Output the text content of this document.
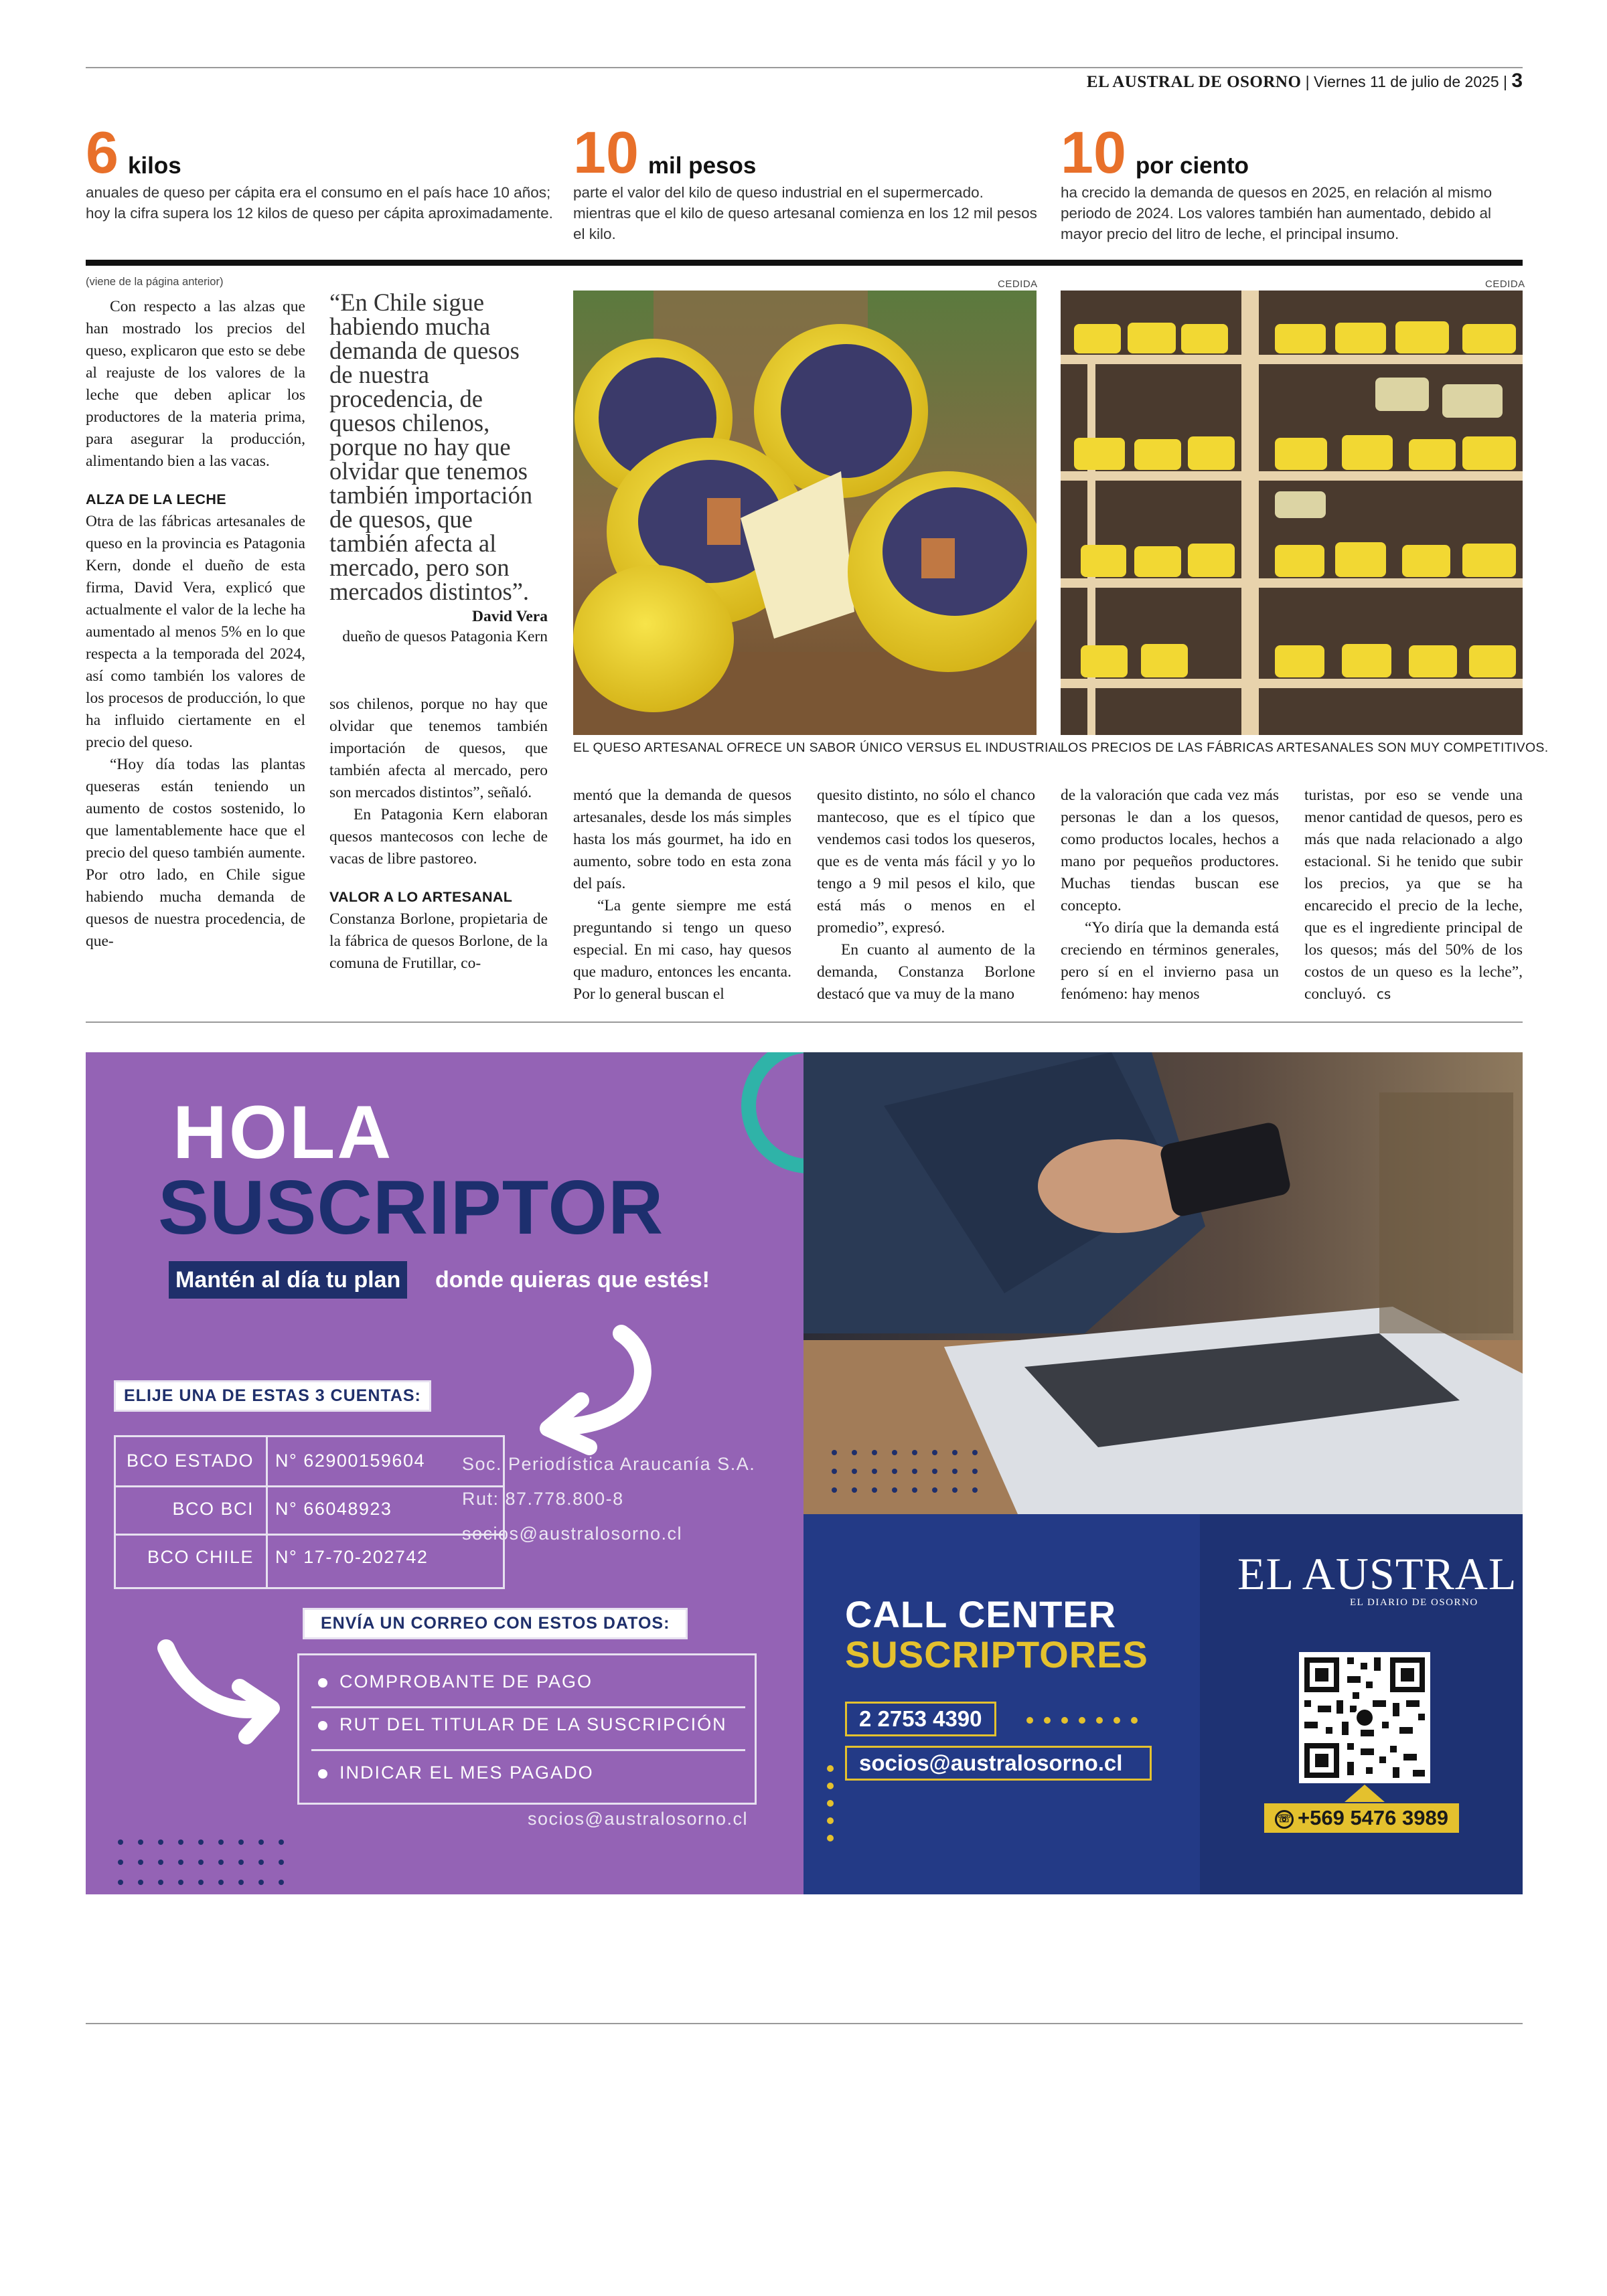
EL AUSTRAL DE OSORNO | Viernes 11 de julio de 2025 | 3
6 kilos
anuales de queso per cápita era el consumo en el país hace 10 años; hoy la cifra supera los 12 kilos de queso per cápita aproximadamente.
10 mil pesos
parte el valor del kilo de queso industrial en el supermercado. mientras que el kilo de queso artesanal comienza en los 12 mil pesos el kilo.
10 por ciento
ha crecido la demanda de quesos en 2025, en relación al mismo periodo de 2024. Los valores también han aumentado, debido al mayor precio del litro de leche, el principal insumo.

(viene de la página anterior)

Con respecto a las alzas que han mostrado los precios del queso, explicaron que esto se debe al reajuste de los valores de la leche que deben aplicar los productores de la materia prima, para asegurar la producción, alimentando bien a las vacas.

ALZA DE LA LECHE

Otra de las fábricas artesanales de queso en la provincia es Patagonia Kern, donde el dueño de esta firma, David Vera, explicó que actualmente el valor de la leche ha aumentado al menos 5% en lo que respecta a la temporada del 2024, así como también los valores de los procesos de producción, lo que ha influido ciertamente en el precio del queso.

“Hoy día todas las plantas queseras están teniendo un aumento de costos sostenido, lo que lamentablemente hace que el precio del queso también aumente. Por otro lado, en Chile sigue habiendo mucha demanda de quesos de nuestra procedencia, de que-

“En Chile sigue habiendo mucha demanda de quesos de nuestra procedencia, de quesos chilenos, porque no hay que olvidar que tenemos también importación de quesos, que también afecta al mercado, pero son mercados distintos”.
David Vera
dueño de quesos Patagonia Kern

sos chilenos, porque no hay que olvidar que tenemos también importación de quesos, que también afecta al mercado, pero son mercados distintos”, señaló.

En Patagonia Kern elaboran quesos mantecosos con leche de vacas de libre pastoreo.

VALOR A LO ARTESANAL

Constanza Borlone, propietaria de la fábrica de quesos Borlone, de la comuna de Frutillar, co-

CEDIDA
EL QUESO ARTESANAL OFRECE UN SABOR ÚNICO VERSUS EL INDUSTRIAL.
CEDIDA
LOS PRECIOS DE LAS FÁBRICAS ARTESANALES SON MUY COMPETITIVOS.

mentó que la demanda de quesos artesanales, desde los más simples hasta los más gourmet, ha ido en aumento, sobre todo en esta zona del país.

“La gente siempre me está preguntando si tengo un queso especial. En mi caso, hay quesos que maduro, entonces les encanta. Por lo general buscan el

quesito distinto, no sólo el chanco mantecoso, que es el típico que vendemos casi todos los queseros, que es de venta más fácil y yo lo tengo a 9 mil pesos el kilo, que está más o menos en el promedio”, expresó.

En cuanto al aumento de la demanda, Constanza Borlone destacó que va muy de la mano

de la valoración que cada vez más personas le dan a los quesos, como productos locales, hechos a mano por pequeños productores. Muchas tiendas buscan ese concepto.

“Yo diría que la demanda está creciendo en términos generales, pero sí en el invierno pasa un fenómeno: hay menos

turistas, por eso se vende una menor cantidad de quesos, pero es más que nada relacionado a algo estacional. Si he tenido que subir los precios, ya que se ha encarecido el precio de la leche, que es el ingrediente principal de los quesos; más del 50% de los costos de un queso es la leche”, concluyó. cs

HOLA
SUSCRIPTOR
Mantén al día tu plan donde quieras que estés!
ELIJE UNA DE ESTAS 3 CUENTAS:
BCO ESTADO	N° 62900159604
BCO BCI	N° 66048923
BCO CHILE	N° 17-70-202742
Soc. Periodística Araucanía S.A.
Rut: 87.778.800-8
socios@australosorno.cl
ENVÍA UN CORREO CON ESTOS DATOS:
COMPROBANTE DE PAGO
RUT DEL TITULAR DE LA SUSCRIPCIÓN
INDICAR EL MES PAGADO
socios@australosorno.cl
CALL CENTER
SUSCRIPTORES
2 2753 4390
socios@australosorno.cl
EL AUSTRAL
EL DIARIO DE OSORNO
☏ +569 5476 3989
